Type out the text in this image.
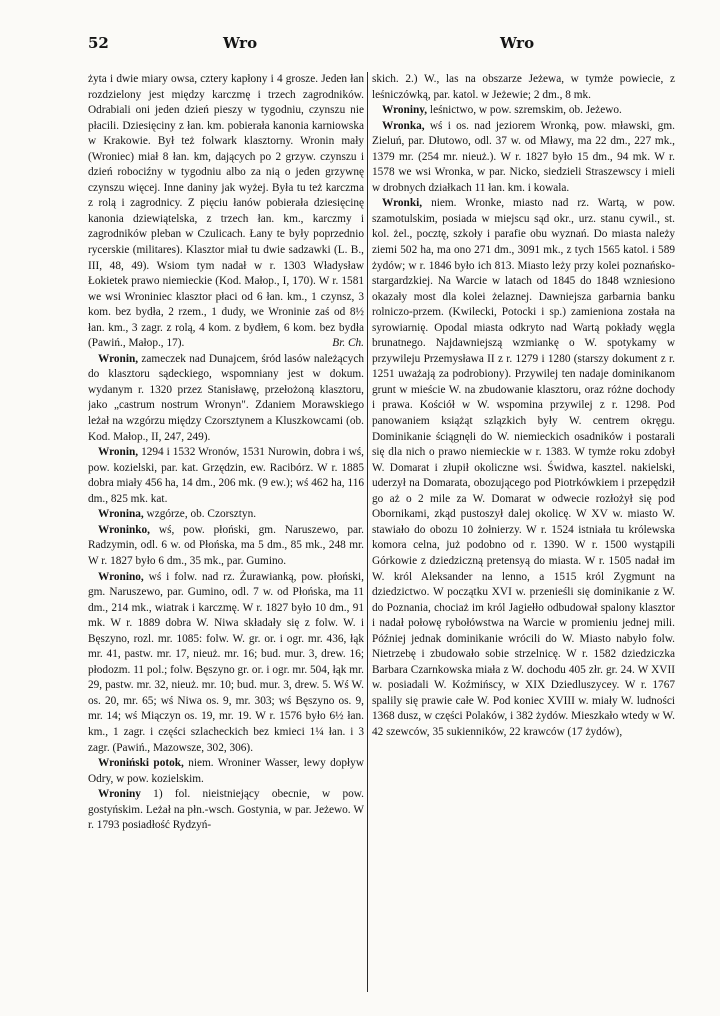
52	Wro	Wro

żyta i dwie miary owsa, cztery kapłony i 4 grosze. Jeden łan rozdzielony jest między karczmę i trzech zagrodników. Odrabiali oni jeden dzień pieszy w tygodniu, czynszu nie płacili. Dziesięciny z łan. km. pobierała kanonia karniowska w Krakowie. Był też folwark klasztorny. Wronin mały (Wroniec) miał 8 łan. km, dających po 2 grzyw. czynszu i dzień robociźny w tygodniu albo za nią o jeden grzywnę czynszu więcej. Inne daniny jak wyżej. Była tu też karczma z rolą i zagrodnicy. Z pięciu łanów pobierała dziesięcinę kanonia dziewiątelska, z trzech łan. km., karczmy i zagrodników pleban w Czulicach. Łany te były poprzednio rycerskie (militares). Klasztor miał tu dwie sadzawki (L. B., III, 48, 49). Wsiom tym nadał w r. 1303 Władysław Łokietek prawo niemieckie (Kod. Małop., I, 170). W r. 1581 we wsi Wroniniec klasztor płaci od 6 łan. km., 1 czynsz, 3 kom. bez bydła, 2 rzem., 1 dudy, we Wroninie zaś od 8½ łan. km., 3 zagr. z rolą, 4 kom. z bydłem, 6 kom. bez bydła (Pawiń., Małop., 17).	Br. Ch.

Wronin, zameczek nad Dunajcem, śród lasów należących do klasztoru sądeckiego, wspomniany jest w dokum. wydanym r. 1320 przez Stanisławę, przełożoną klasztoru, jako „castrum nostrum Wronyn". Zdaniem Morawskiego leżał na wzgórzu między Czorsztynem a Kluszkowcami (ob. Kod. Małop., II, 247, 249).

Wronin, 1294 i 1532 Wronów, 1531 Nurowin, dobra i wś, pow. kozielski, par. kat. Grzędzin, ew. Racibórz. W r. 1885 dobra miały 456 ha, 14 dm., 206 mk. (9 ew.); wś 462 ha, 116 dm., 825 mk. kat.

Wronina, wzgórze, ob. Czorsztyn.

Wroninko, wś, pow. płoński, gm. Naruszewo, par. Radzymin, odl. 6 w. od Płońska, ma 5 dm., 85 mk., 248 mr. W r. 1827 było 6 dm., 35 mk., par. Gumino.

Wronino, wś i folw. nad rz. Żurawianką, pow. płoński, gm. Naruszewo, par. Gumino, odl. 7 w. od Płońska, ma 11 dm., 214 mk., wiatrak i karczmę. W r. 1827 było 10 dm., 91 mk. W r. 1889 dobra W. Niwa składały się z folw. W. i Bęszyno, rozl. mr. 1085: folw. W. gr. or. i ogr. mr. 436, łąk mr. 41, pastw. mr. 17, nieuż. mr. 16; bud. mur. 3, drew. 16; płodozm. 11 pol.; folw. Bęszyno gr. or. i ogr. mr. 504, łąk mr. 29, pastw. mr. 32, nieuż. mr. 10; bud. mur. 3, drew. 5. Wś W. os. 20, mr. 65; wś Niwa os. 9, mr. 303; wś Bęszyno os. 9, mr. 14; wś Miączyn os. 19, mr. 19. W r. 1576 było 6½ łan. km., 1 zagr. i części szlacheckich bez kmieci 1¼ łan. i 3 zagr. (Pawiń., Mazowsze, 302, 306).

Wroniński potok, niem. Wroniner Wasser, lewy dopływ Odry, w pow. kozielskim.

Wroniny 1) fol. nieistniejący obecnie, w pow. gostyńskim. Leżał na płn.-wsch. Gostynia, w par. Jeżewo. W r. 1793 posiadłość Rydzyń-

skich. 2.) W., las na obszarze Jeżewa, w tymże powiecie, z leśniczówką, par. katol. w Jeżewie; 2 dm., 8 mk.

Wroniny, leśnictwo, w pow. szremskim, ob. Jeżewo.

Wronka, wś i os. nad jeziorem Wronką, pow. mławski, gm. Zieluń, par. Dłutowo, odl. 37 w. od Mławy, ma 22 dm., 227 mk., 1379 mr. (254 mr. nieuż.). W r. 1827 było 15 dm., 94 mk. W r. 1578 we wsi Wronka, w par. Nicko, siedzieli Straszewscy i mieli w drobnych działkach 11 łan. km. i kowala.

Wronki, niem. Wronke, miasto nad rz. Wartą, w pow. szamotulskim, posiada w miejscu sąd okr., urz. stanu cywil., st. kol. żel., pocztę, szkoły i parafie obu wyznań. Do miasta należy ziemi 502 ha, ma ono 271 dm., 3091 mk., z tych 1565 katol. i 589 żydów; w r. 1846 było ich 813. Miasto leży przy kolei poznańsko-stargardzkiej. Na Warcie w latach od 1845 do 1848 wzniesiono okazały most dla kolei żelaznej. Dawniejsza garbarnia banku rolniczo-przem. (Kwilecki, Potocki i sp.) zamieniona została na syrowiarnię. Opodal miasta odkryto nad Wartą pokłady węgla brunatnego. Najdawniejszą wzmiankę o W. spotykamy w przywileju Przemysława II z r. 1279 i 1280 (starszy dokument z r. 1251 uważają za podrobiony). Przywilej ten nadaje dominikanom grunt w mieście W. na zbudowanie klasztoru, oraz różne dochody i prawa. Kościół w W. wspomina przywilej z r. 1298. Pod panowaniem książąt szlązkich były W. centrem okręgu. Dominikanie ściągnęli do W. niemieckich osadników i postarali się dla nich o prawo niemieckie w r. 1383. W tymże roku zdobył W. Domarat i złupił okoliczne wsi. Świdwa, kasztel. nakielski, uderzył na Domarata, obozującego pod Piotrkówkiem i przepędził go aż o 2 mile za W. Domarat w odwecie rozłożył się pod Obornikami, zkąd pustoszył dalej okolicę. W XV w. miasto W. stawiało do obozu 10 żołnierzy. W r. 1524 istniała tu królewska komora celna, już podobno od r. 1390. W r. 1500 wystąpili Górkowie z dziedziczną pretensyą do miasta. W r. 1505 nadał im W. król Aleksander na lenno, a 1515 król Zygmunt na dziedzictwo. W początku XVI w. przenieśli się dominikanie z W. do Poznania, chociaż im król Jagiełło odbudował spalony klasztor i nadał połowę rybołówstwa na Warcie w promieniu jednej mili. Później jednak dominikanie wrócili do W. Miasto nabyło folw. Nietrzebę i zbudowało sobie strzelnicę. W r. 1582 dziedziczka Barbara Czarnkowska miała z W. dochodu 405 złr. gr. 24. W XVII w. posiadali W. Koźmińscy, w XIX Dziedluszycey. W r. 1767 spalily się prawie całe W. Pod koniec XVIII w. miały W. ludności 1368 dusz, w części Polaków, i 382 żydów. Mieszkało wtedy w W. 42 szewców, 35 sukienników, 22 krawców (17 żydów),
